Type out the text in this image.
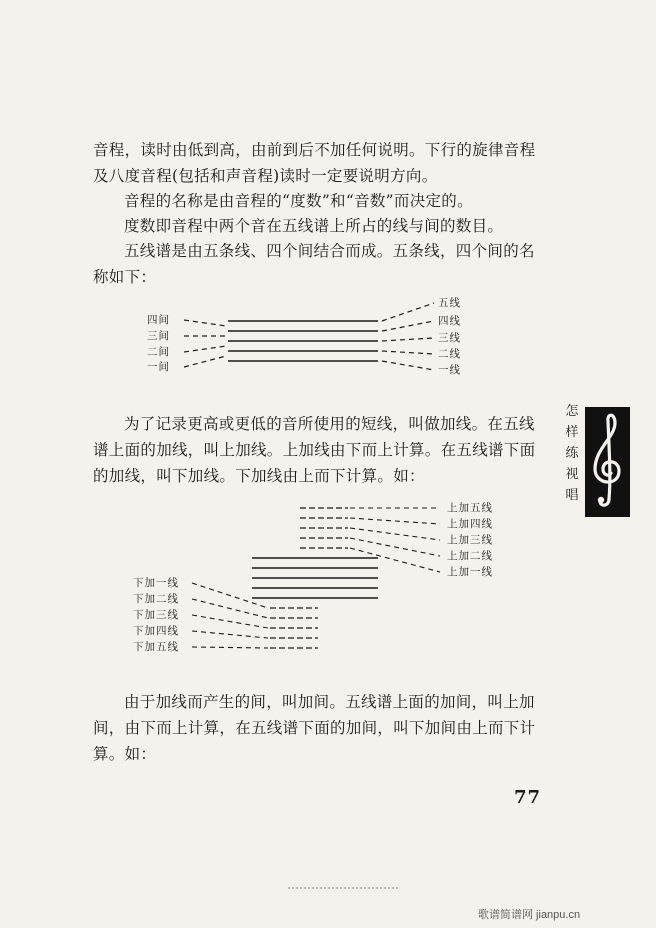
音程，读时由低到高，由前到后不加任何说明。下行的旋律音程及八度音程(包括和声音程)读时一定要说明方向。

音程的名称是由音程的“度数”和“音数”而决定的。

度数即音程中两个音在五线谱上所占的线与间的数目。

五线谱是由五条线、四个间结合而成。五条线，四个间的名称如下：

四间
三间
二间
一间
五线
四线
三线
二线
一线

为了记录更高或更低的音所使用的短线，叫做加线。在五线谱上面的加线，叫上加线。上加线由下而上计算。在五线谱下面的加线，叫下加线。下加线由上而下计算。如：

上加五线
上加四线
上加三线
上加二线
上加一线
下加一线
下加二线
下加三线
下加四线
下加五线

由于加线而产生的间，叫加间。五线谱上面的加间，叫上加间，由下而上计算，在五线谱下面的加间，叫下加间由上而下计算。如：

怎
样
练
视
唱
77
歌谱简谱网 jianpu.cn
